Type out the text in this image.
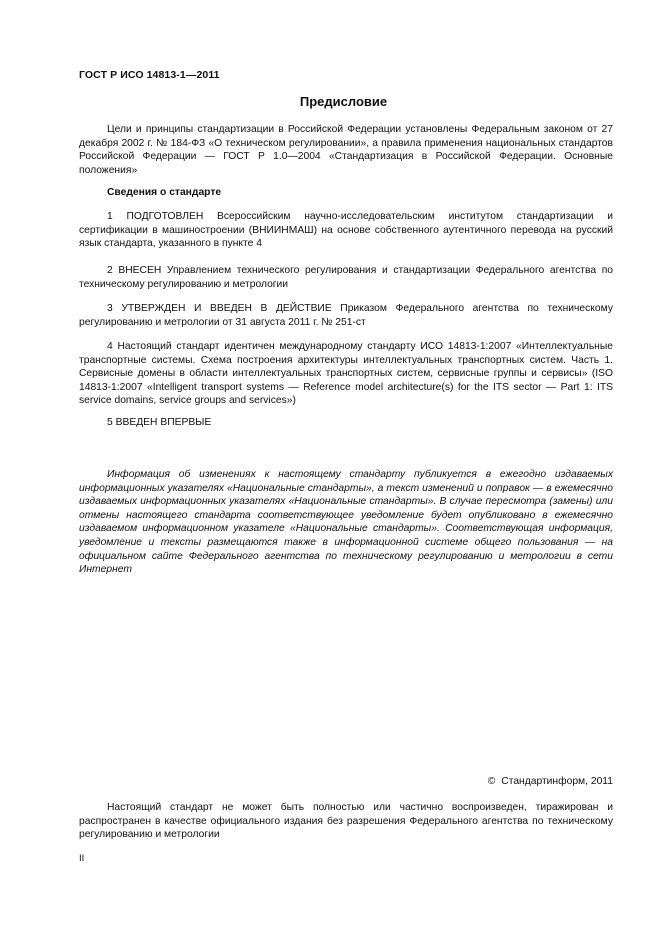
ГОСТ Р ИСО 14813-1—2011
Предисловие

Цели и принципы стандартизации в Российской Федерации установлены Федеральным законом от 27 декабря 2002 г. № 184-ФЗ «О техническом регулировании», а правила применения национальных стандартов Российской Федерации — ГОСТ Р 1.0—2004 «Стандартизация в Российской Федерации. Основные положения»

Сведения о стандарте

1 ПОДГОТОВЛЕН Всероссийским научно-исследовательским институтом стандартизации и сертификации в машиностроении (ВНИИНМАШ) на основе собственного аутентичного перевода на русский язык стандарта, указанного в пункте 4

2 ВНЕСЕН Управлением технического регулирования и стандартизации Федерального агентства по техническому регулированию и метрологии

3 УТВЕРЖДЕН И ВВЕДЕН В ДЕЙСТВИЕ Приказом Федерального агентства по техническому регулированию и метрологии от 31 августа 2011 г. № 251-ст

4 Настоящий стандарт идентичен международному стандарту ИСО 14813-1:2007 «Интеллектуальные транспортные системы. Схема построения архитектуры интеллектуальных транспортных систем. Часть 1. Сервисные домены в области интеллектуальных транспортных систем, сервисные группы и сервисы» (ISO 14813-1:2007 «Intelligent transport systems — Reference model architecture(s) for the ITS sector — Part 1: ITS service domains, service groups and services»)

5 ВВЕДЕН ВПЕРВЫЕ

Информация об изменениях к настоящему стандарту публикуется в ежегодно издаваемых информационных указателях «Национальные стандарты», а текст изменений и поправок — в ежемесячно издаваемых информационных указателях «Национальные стандарты». В случае пересмотра (замены) или отмены настоящего стандарта соответствующее уведомление будет опубликовано в ежемесячно издаваемом информационном указателе «Национальные стандарты». Соответствующая информация, уведомление и тексты размещаются также в информационной системе общего пользования — на официальном сайте Федерального агентства по техническому регулированию и метрологии в сети Интернет

© Стандартинформ, 2011

Настоящий стандарт не может быть полностью или частично воспроизведен, тиражирован и распространен в качестве официального издания без разрешения Федерального агентства по техническому регулированию и метрологии

II
